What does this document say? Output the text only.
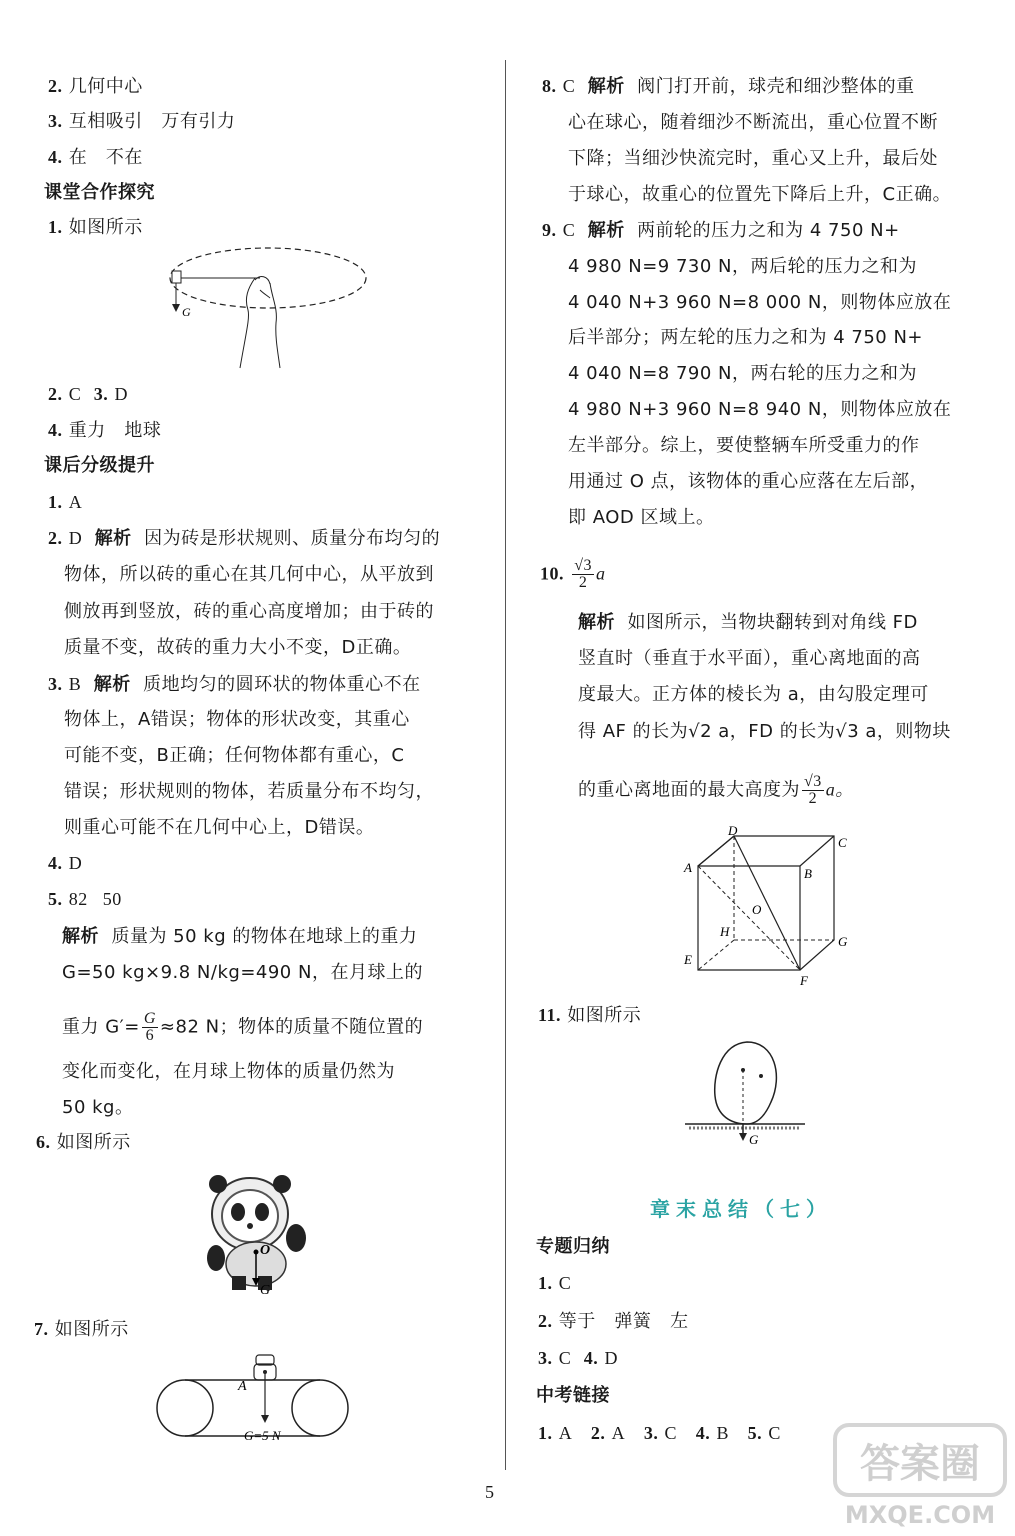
2. 几何中心
3. 互相吸引   万有引力
4. 在   不在
课堂合作探究
1. 如图所示
G
2. C 3. D
4. 重力   地球
课后分级提升
1. A
2. D 解析 因为砖是形状规则、质量分布均匀的
物体，所以砖的重心在其几何中心，从平放到
侧放再到竖放，砖的重心高度增加；由于砖的
质量不变，故砖的重力大小不变，D正确。
3. B 解析 质地均匀的圆环状的物体重心不在
物体上，A错误；物体的形状改变，其重心
可能不变，B正确；任何物体都有重心，C
错误；形状规则的物体，若质量分布不均匀，
则重心可能不在几何中心上，D错误。
4. D
5. 82   50
解析 质量为 50 kg 的物体在地球上的重力
G=50 kg×9.8 N/kg=490 N，在月球上的
重力 $G'= \frac{G}{6} \approx 82$ N；物体的质量不随位置的
变化而变化，在月球上物体的质量仍然为
50 kg。
6. 如图所示
O
G
7. 如图所示
A
G=5 N
8. C 解析 阀门打开前，球壳和细沙整体的重
心在球心，随着细沙不断流出，重心位置不断
下降；当细沙快流完时，重心又上升，最后处
于球心，故重心的位置先下降后上升，C正确。
9. C 解析 两前轮的压力之和为 4 750 N+
4 980 N=9 730 N，两后轮的压力之和为
4 040 N+3 960 N=8 000 N，则物体应放在
后半部分；两左轮的压力之和为 4 750 N+
4 040 N=8 790 N，两右轮的压力之和为
4 980 N+3 960 N=8 940 N，则物体应放在
左半部分。综上，要使整辆车所受重力的作
用通过 O 点，该物体的重心应落在左后部，
即 AOD 区域上。
10. $\frac{√3}{2}$ a
解析 如图所示，当物块翻转到对角线 FD
竖直时（垂直于水平面），重心离地面的高
度最大。正方体的棱长为 a，由勾股定理可
得 AF 的长为√2 a，FD 的长为√3 a，则物块
的重心离地面的最大高度为 $\frac{√3}{2}$ a。
D
C
A	B
O
H
G
E
F
11. 如图所示
G
专题归纳
1. C
2. 等于   弹簧   左
3. C 4. D
中考链接
1. A 2. A 3. C 4. B 5. C
章末总结（七）
5
答案圈
MXQE.COM
